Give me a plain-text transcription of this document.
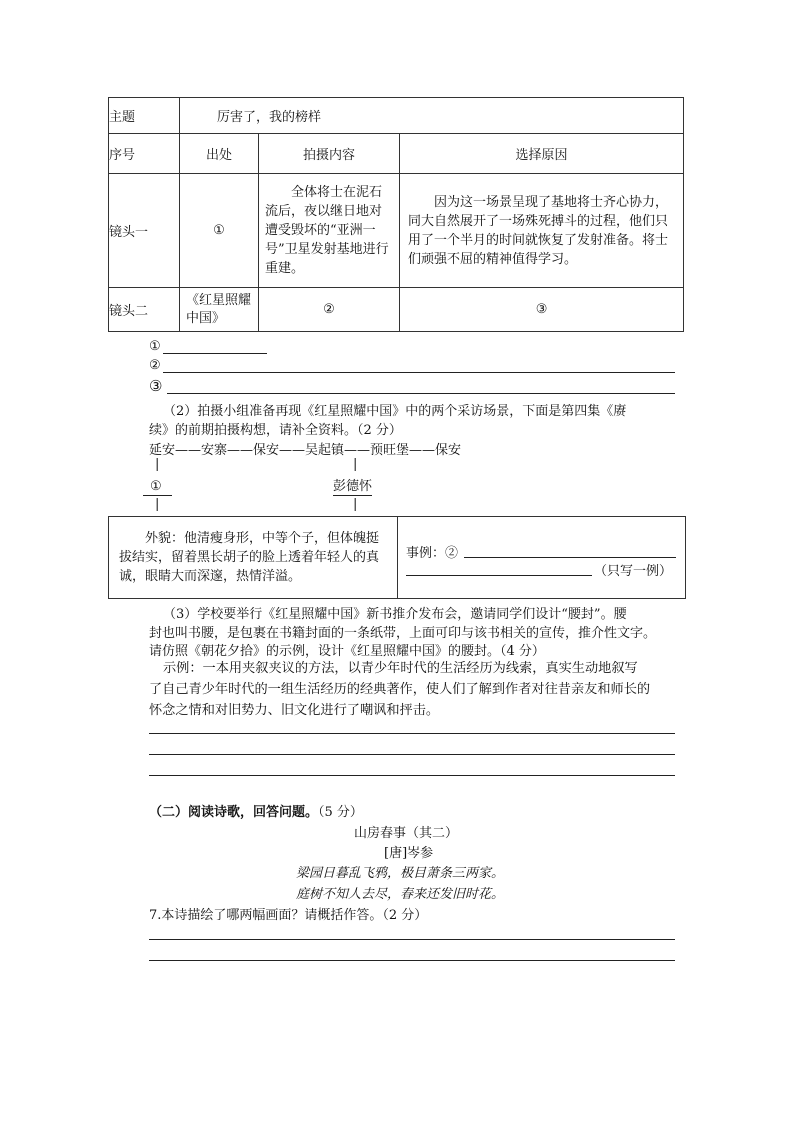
主题	厉害了，我的榜样		
序号	出处	拍摄内容	选择原因
镜头一	①	全体将士在泥石流后，夜以继日地对遭受毁坏的“亚洲一号”卫星发射基地进行重建。	因为这一场景呈现了基地将士齐心协力，同大自然展开了一场殊死搏斗的过程，他们只用了一个半月的时间就恢复了发射准备。将士们顽强不屈的精神值得学习。

镜头二	《红星照耀中国》	②	③
①
②
③
（2）拍摄小组准备再现《红星照耀中国》中的两个采访场景，下面是第四集《赓
续》的前期拍摄构想，请补全资料。（2 分）
延安——安寨——保安——吴起镇——预旺堡——保安
|	|
①	彭德怀
|	|
外貌：他清瘦身形，中等个子，但体魄挺拔结实，留着黑长胡子的脸上透着年轻人的真诚，眼睛大而深邃，热情洋溢。

事例：②
（只写一例）
（3）学校要举行《红星照耀中国》新书推介发布会，邀请同学们设计“腰封”。腰
封也叫书腰，是包裹在书籍封面的一条纸带，上面可印与该书相关的宣传，推介性文字。
请仿照《朝花夕拾》的示例，设计《红星照耀中国》的腰封。（4 分）
示例：一本用夹叙夹议的方法，以青少年时代的生活经历为线索，真实生动地叙写
了自己青少年时代的一组生活经历的经典著作，使人们了解到作者对往昔亲友和师长的
怀念之情和对旧势力、旧文化进行了嘲讽和抨击。
（二）阅读诗歌，回答问题。（5 分）
山房春事（其二）
[唐]岑参
梁园日暮乱飞鸦，极目萧条三两家。
庭树不知人去尽，春来还发旧时花。
7.本诗描绘了哪两幅画面？请概括作答。（2 分）
